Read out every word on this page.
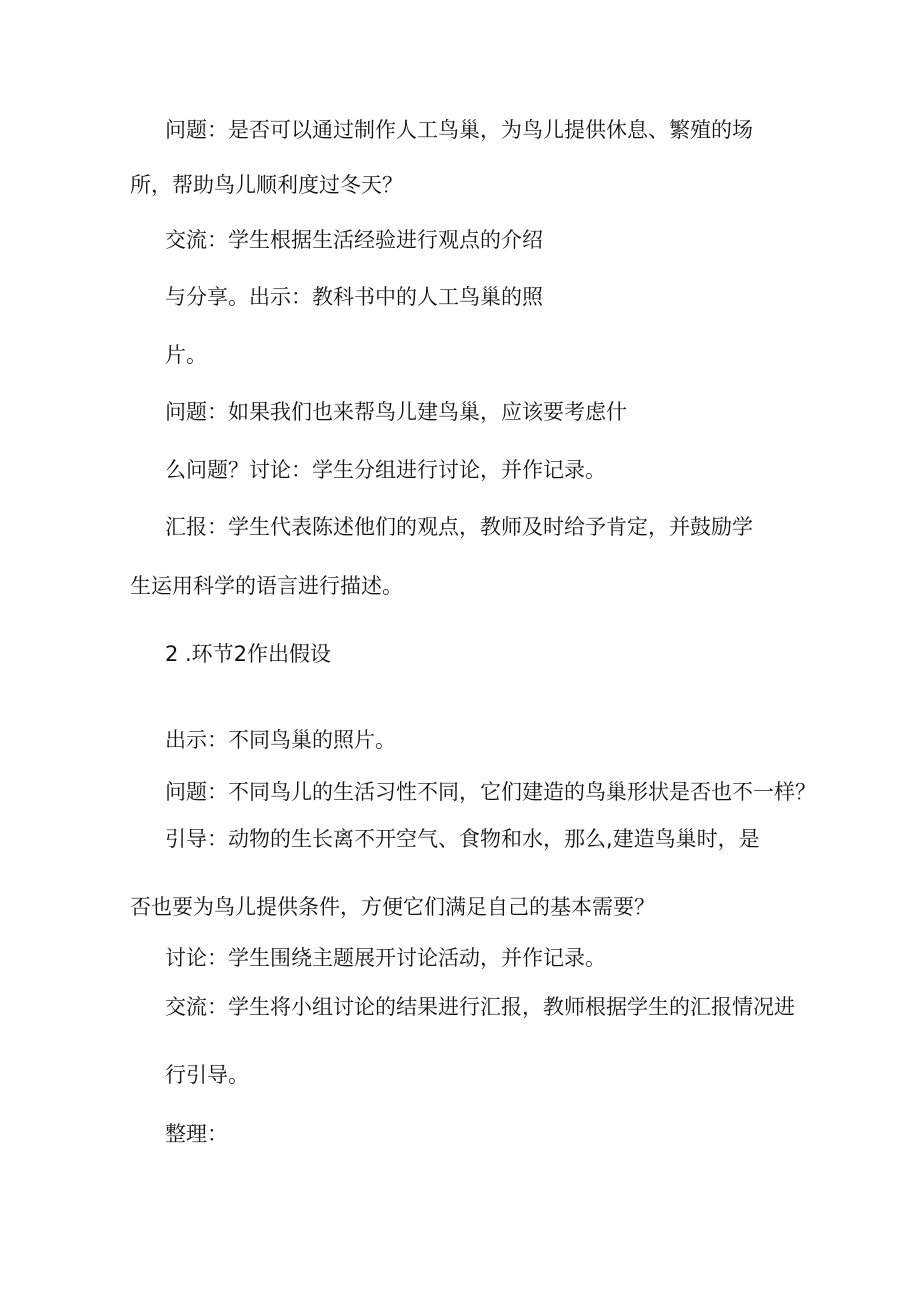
问题：是否可以通过制作人工鸟巢，为鸟儿提供休息、繁殖的场
所，帮助鸟儿顺利度过冬天？
交流：学生根据生活经验进行观点的介绍
与分享。出示：教科书中的人工鸟巢的照
片。
问题：如果我们也来帮鸟儿建鸟巢，应该要考虑什
么问题？讨论：学生分组进行讨论，并作记录。
汇报：学生代表陈述他们的观点，教师及时给予肯定，并鼓励学
生运用科学的语言进行描述。
2 .环节2作出假设
出示：不同鸟巢的照片。
问题：不同鸟儿的生活习性不同，它们建造的鸟巢形状是否也不一样？
引导：动物的生长离不开空气、食物和水，那么,建造鸟巢时，是
否也要为鸟儿提供条件，方便它们满足自己的基本需要？
讨论：学生围绕主题展开讨论活动，并作记录。
交流：学生将小组讨论的结果进行汇报，教师根据学生的汇报情况进
行引导。
整理：
